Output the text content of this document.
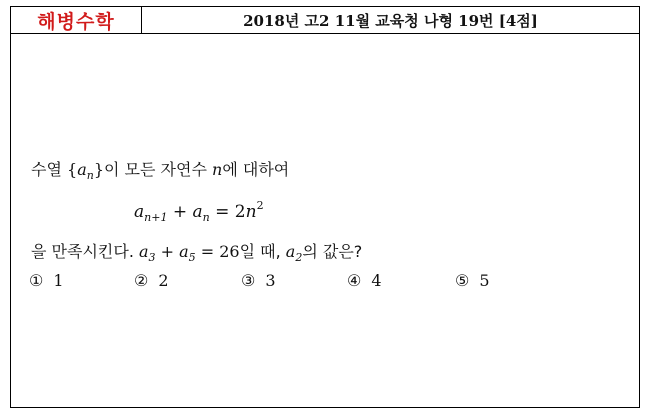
해병수학	2018년 고2 11월 교육청 나형 19번 [4점]
수열 $\{a_n\}$이 모든 자연수 n에 대하여
$a_{n+1} + a_n = 2n^2$
을 만족시킨다. $a_3 + a_5 = 26$일 때, $a_2$의 값은?
① 1	② 2	③ 3	④ 4	⑤ 5
